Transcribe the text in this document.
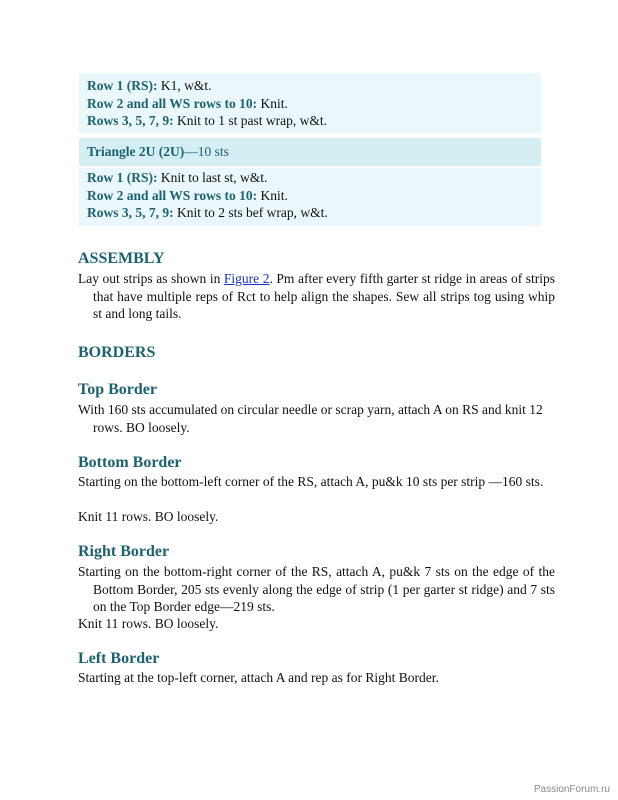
Row 1 (RS): K1, w&t.
Row 2 and all WS rows to 10: Knit.
Rows 3, 5, 7, 9: Knit to 1 st past wrap, w&t.
Triangle 2U (2U)—10 sts
Row 1 (RS): Knit to last st, w&t.
Row 2 and all WS rows to 10: Knit.
Rows 3, 5, 7, 9: Knit to 2 sts bef wrap, w&t.
ASSEMBLY
Lay out strips as shown in Figure 2. Pm after every fifth garter st ridge in areas of strips that have multiple reps of Rct to help align the shapes. Sew all strips tog using whip st and long tails.
BORDERS
Top Border
With 160 sts accumulated on circular needle or scrap yarn, attach A on RS and knit 12 rows. BO loosely.
Bottom Border
Starting on the bottom-left corner of the RS, attach A, pu&k 10 sts per strip —160 sts.
Knit 11 rows. BO loosely.
Right Border
Starting on the bottom-right corner of the RS, attach A, pu&k 7 sts on the edge of the Bottom Border, 205 sts evenly along the edge of strip (1 per garter st ridge) and 7 sts on the Top Border edge—219 sts.
Knit 11 rows. BO loosely.
Left Border
Starting at the top-left corner, attach A and rep as for Right Border.
PassionForum.ru
